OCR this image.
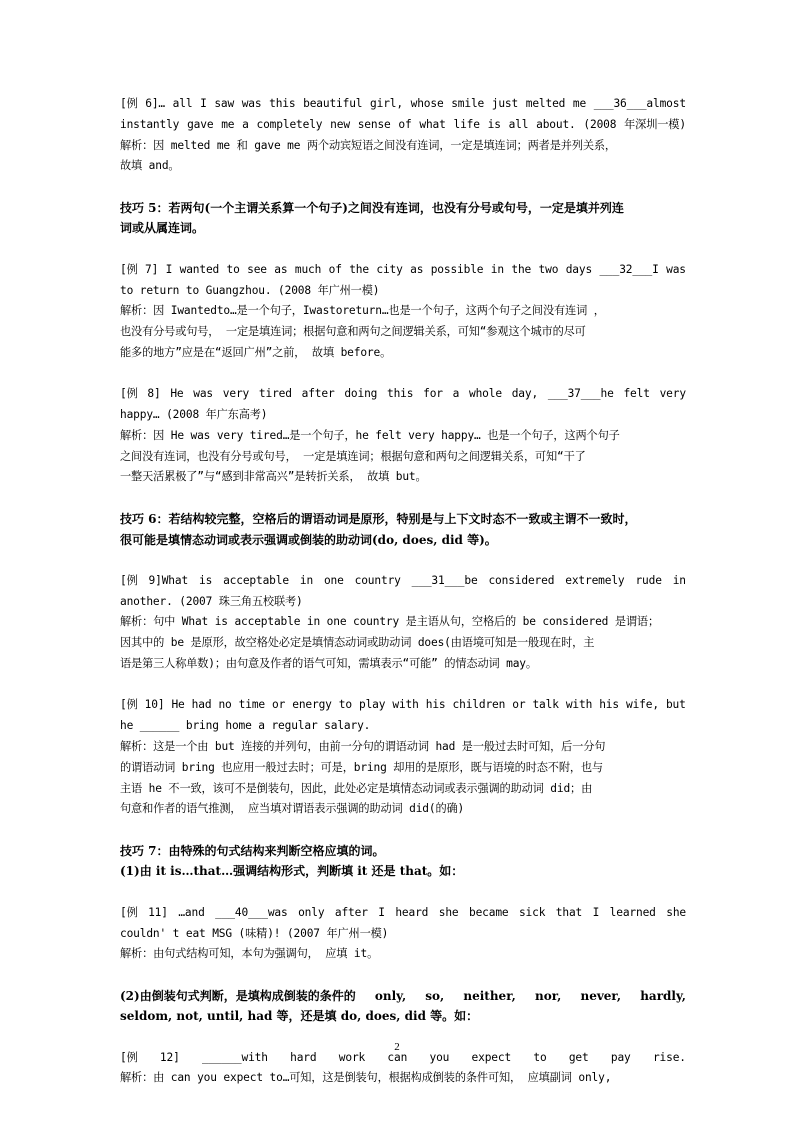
[例 6]… all I saw was this beautiful girl, whose smile just melted me ___36___almost
instantly gave me a completely new sense of what life is all about. (2008 年深圳一模)
解析：因 melted me 和 gave me 两个动宾短语之间没有连词，一定是填连词；两者是并列关系，
故填 and。
技巧 5：若两句(一个主谓关系算一个句子)之间没有连词，也没有分号或句号，一定是填并列连
词或从属连词。
[例 7] I wanted to see as much of the city as possible in the two days ___32___I was
to return to Guangzhou. (2008 年广州一模)
解析：因 Iwantedto…是一个句子，Iwastoreturn…也是一个句子，这两个句子之间没有连词 ，
也没有分号或句号， 一定是填连词；根据句意和两句之间逻辑关系，可知“参观这个城市的尽可
能多的地方”应是在“返回广州”之前， 故填 before。
[例 8] He was very tired after doing this for a whole day, ___37___he felt very
happy… (2008 年广东高考)
解析：因 He was very tired…是一个句子，he felt very happy… 也是一个句子，这两个句子
之间没有连词，也没有分号或句号， 一定是填连词；根据句意和两句之间逻辑关系，可知“干了
一整天活累极了”与“感到非常高兴”是转折关系， 故填 but。
技巧 6：若结构较完整，空格后的谓语动词是原形，特别是与上下文时态不一致或主谓不一致时，
很可能是填情态动词或表示强调或倒装的助动词(do, does, did 等)。
[例 9]What is acceptable in one country ___31___be considered extremely rude in
another. (2007 珠三角五校联考)
解析：句中 What is acceptable in one country 是主语从句，空格后的 be considered 是谓语；
因其中的 be 是原形，故空格处必定是填情态动词或助动词 does(由语境可知是一般现在时，主
语是第三人称单数)；由句意及作者的语气可知，需填表示“可能” 的情态动词 may。
[例 10] He had no time or energy to play with his children or talk with his wife, but
he ______ bring home a regular salary.
解析：这是一个由 but 连接的并列句，由前一分句的谓语动词 had 是一般过去时可知，后一分句
的谓语动词 bring 也应用一般过去时；可是，bring 却用的是原形，既与语境的时态不附，也与
主语 he 不一致，该可不是倒装句，因此，此处必定是填情态动词或表示强调的助动词 did；由
句意和作者的语气推测， 应当填对谓语表示强调的助动词 did(的确)
技巧 7：由特殊的句式结构来判断空格应填的词。
(1)由 it is…that…强调结构形式，判断填 it 还是 that。如：
[例 11] …and ___40___was only after I heard she became sick that I learned she
couldn' t eat MSG (味精)! (2007 年广州一模)
解析：由句式结构可知，本句为强调句， 应填 it。
(2)由倒装句式判断，是填构成倒装的条件的 only, so, neither, nor, never, hardly,
seldom, not, until, had 等，还是填 do, does, did 等。如：
[例 12] ______with hard work can you expect to get pay rise.
解析：由 can you expect to…可知，这是倒装句，根据构成倒装的条件可知， 应填副词 only,
2
